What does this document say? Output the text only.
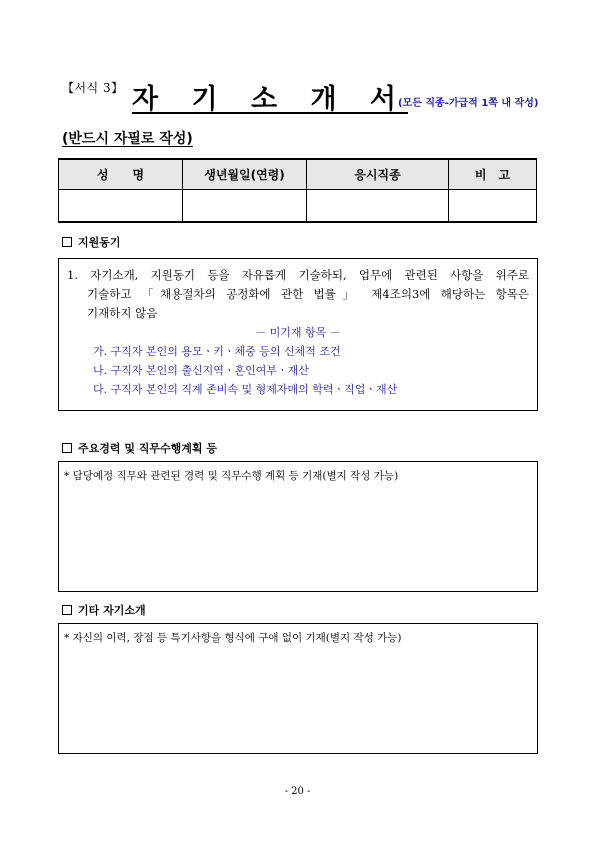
【서식 3】 자 기 소 개 서(모든 직종-가급적 1쪽 내 작성)
(반드시 자필로 작성)
성　　명	생년월일(연령)	응시직종	비　고

지원동기
1. 자기소개, 지원동기 등을 자유롭게 기술하되, 업무에 관련된 사항을 위주로
기술하고 「채용절차의 공정화에 관한 법률」 제4조의3에 해당하는 항목은
기재하지 않음
－ 미기재 항목 －
가. 구직자 본인의 용모ㆍ키ㆍ체중 등의 신체적 조건
나. 구직자 본인의 출신지역ㆍ혼인여부ㆍ재산
다. 구직자 본인의 직계 존비속 및 형제자매의 학력ㆍ직업ㆍ재산
주요경력 및 직무수행계획 등
* 담당예정 직무와 관련된 경력 및 직무수행 계획 등 기재(별지 작성 가능)
기타 자기소개
* 자신의 이력, 장점 등 특기사항을 형식에 구애 없이 기재(별지 작성 가능)
- 20 -
